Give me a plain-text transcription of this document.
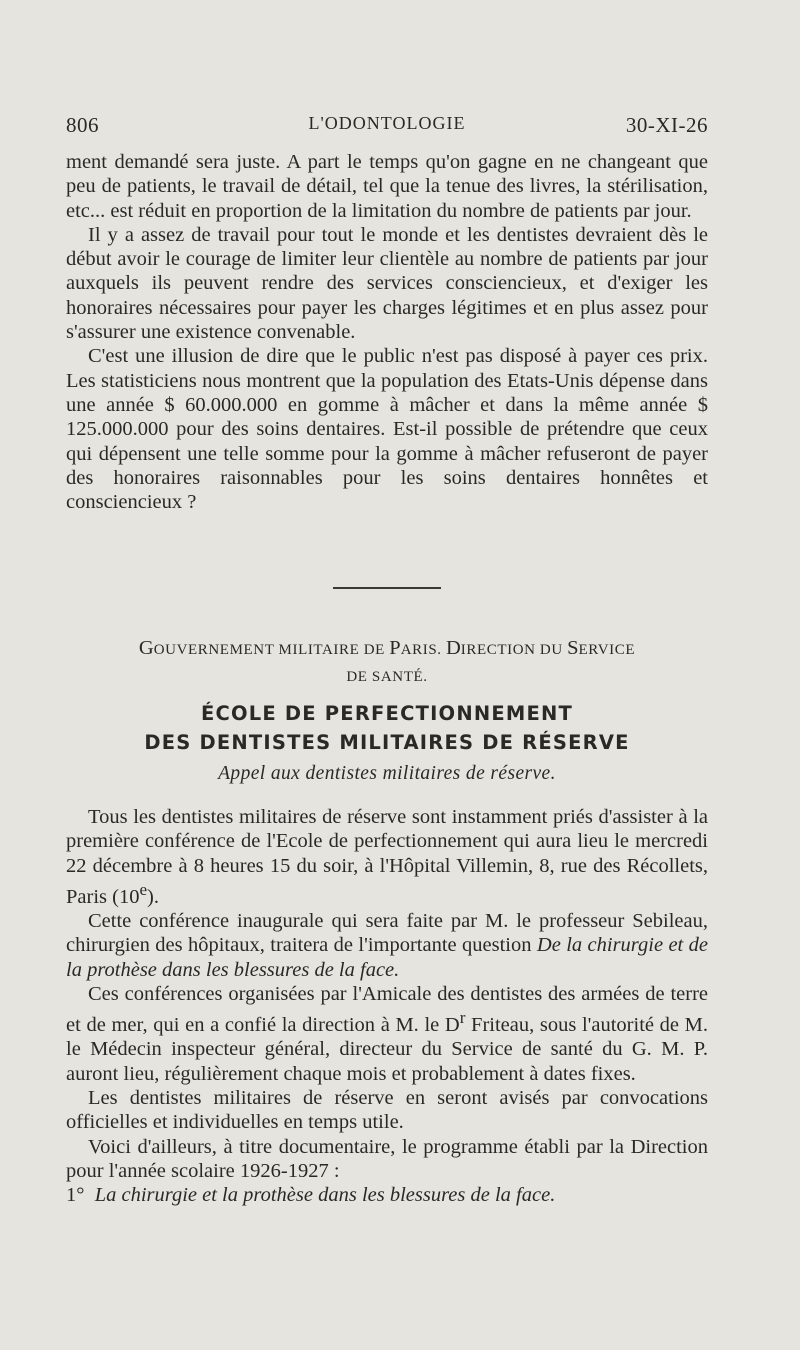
806	L'ODONTOLOGIE	30-XI-26

ment demandé sera juste. A part le temps qu'on gagne en ne changeant que peu de patients, le travail de détail, tel que la tenue des livres, la stérilisation, etc... est réduit en proportion de la limitation du nombre de patients par jour.

Il y a assez de travail pour tout le monde et les dentistes devraient dès le début avoir le courage de limiter leur clientèle au nombre de patients par jour auxquels ils peuvent rendre des services consciencieux, et d'exiger les honoraires nécessaires pour payer les charges légitimes et en plus assez pour s'assurer une existence convenable.

C'est une illusion de dire que le public n'est pas disposé à payer ces prix. Les statisticiens nous montrent que la population des Etats-Unis dépense dans une année $ 60.000.000 en gomme à mâcher et dans la même année $ 125.000.000 pour des soins dentaires. Est-il possible de prétendre que ceux qui dépensent une telle somme pour la gomme à mâcher refuseront de payer des honoraires raisonnables pour les soins dentaires honnêtes et consciencieux ?

GOUVERNEMENT MILITAIRE DE PARIS. DIRECTION DU SERVICE
DE SANTÉ.
ÉCOLE DE PERFECTIONNEMENT
DES DENTISTES MILITAIRES DE RÉSERVE
Appel aux dentistes militaires de réserve.

Tous les dentistes militaires de réserve sont instamment priés d'assister à la première conférence de l'Ecole de perfectionnement qui aura lieu le mercredi 22 décembre à 8 heures 15 du soir, à l'Hôpital Villemin, 8, rue des Récollets, Paris (10e).

Cette conférence inaugurale qui sera faite par M. le professeur Sebileau, chirurgien des hôpitaux, traitera de l'importante question De la chirurgie et de la prothèse dans les blessures de la face.

Ces conférences organisées par l'Amicale des dentistes des armées de terre et de mer, qui en a confié la direction à M. le $D^r$ Friteau, sous l'autorité de M. le Médecin inspecteur général, directeur du Service de santé du G. M. P. auront lieu, régulièrement chaque mois et probablement à dates fixes.

Les dentistes militaires de réserve en seront avisés par convocations officielles et individuelles en temps utile.

Voici d'ailleurs, à titre documentaire, le programme établi par la Direction pour l'année scolaire 1926-1927 :

1° La chirurgie et la prothèse dans les blessures de la face.
